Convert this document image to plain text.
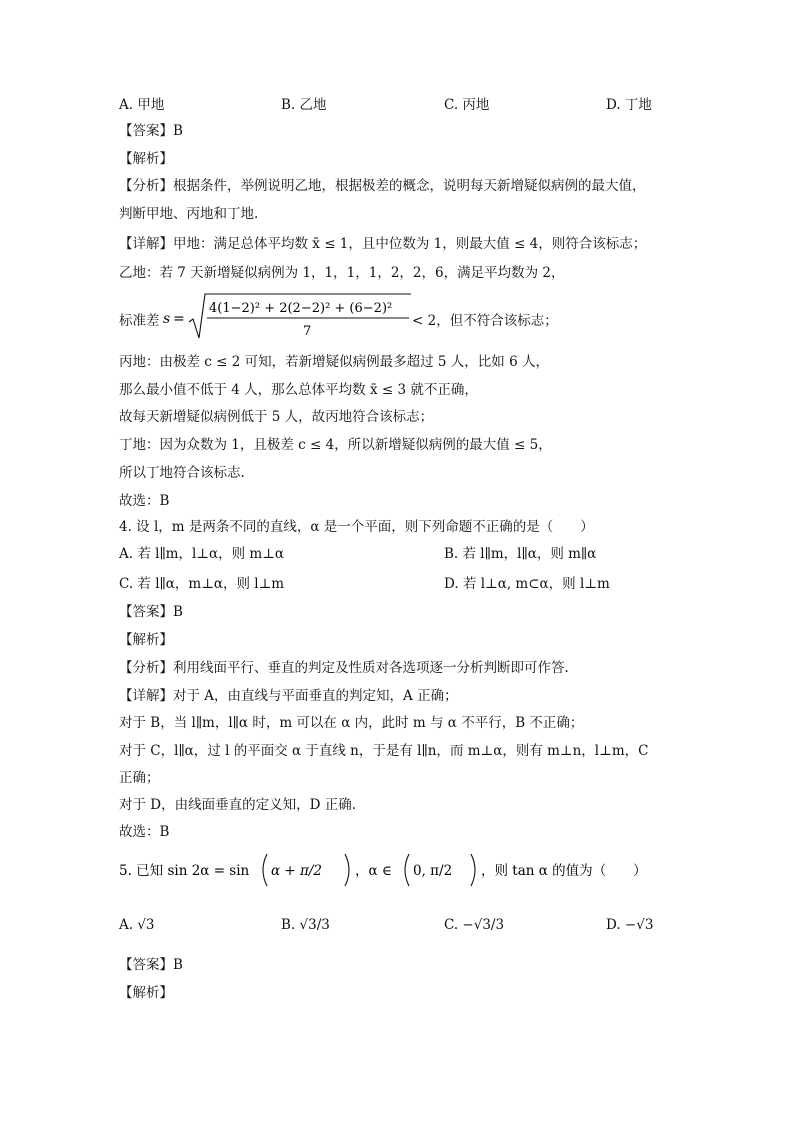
A. 甲地	B. 乙地	C. 丙地	D. 丁地
【答案】B
【解析】
【分析】根据条件，举例说明乙地，根据极差的概念，说明每天新增疑似病例的最大值，
判断甲地、丙地和丁地.
【详解】甲地：满足总体平均数 x̄ ≤ 1，且中位数为 1，则最大值 ≤ 4，则符合该标志；
乙地：若 7 天新增疑似病例为 1，1，1，1，2，2，6，满足平均数为 2，
标准差 s =
4(1−2)² + 2(2−2)² + (6−2)²
7
< 2，但不符合该标志；
丙地：由极差 c ≤ 2 可知，若新增疑似病例最多超过 5 人，比如 6 人，
那么最小值不低于 4 人，那么总体平均数 x̄ ≤ 3 就不正确，
故每天新增疑似病例低于 5 人，故丙地符合该标志；
丁地：因为众数为 1，且极差 c ≤ 4，所以新增疑似病例的最大值 ≤ 5，
所以丁地符合该标志.
故选：B
4. 设 l，m 是两条不同的直线，α 是一个平面，则下列命题不正确的是（　　）
A. 若 l∥m，l⊥α，则 m⊥α	B. 若 l∥m，l∥α，则 m∥α
C. 若 l∥α，m⊥α，则 l⊥m	D. 若 l⊥α, m⊂α，则 l⊥m
【答案】B
【解析】
【分析】利用线面平行、垂直的判定及性质对各选项逐一分析判断即可作答.
【详解】对于 A，由直线与平面垂直的判定知，A 正确；
对于 B，当 l∥m，l∥α 时，m 可以在 α 内，此时 m 与 α 不平行，B 不正确；
对于 C，l∥α，过 l 的平面交 α 于直线 n，于是有 l∥n，而 m⊥α，则有 m⊥n，l⊥m，C
正确；
对于 D，由线面垂直的定义知，D 正确.
故选：B
5. 已知 sin 2α = sin α + π/2 ，α ∈ 0, π/2 ，则 tan α 的值为（　　）
A. √3	B. √3/3	C. −√3/3	D. −√3
【答案】B
【解析】
